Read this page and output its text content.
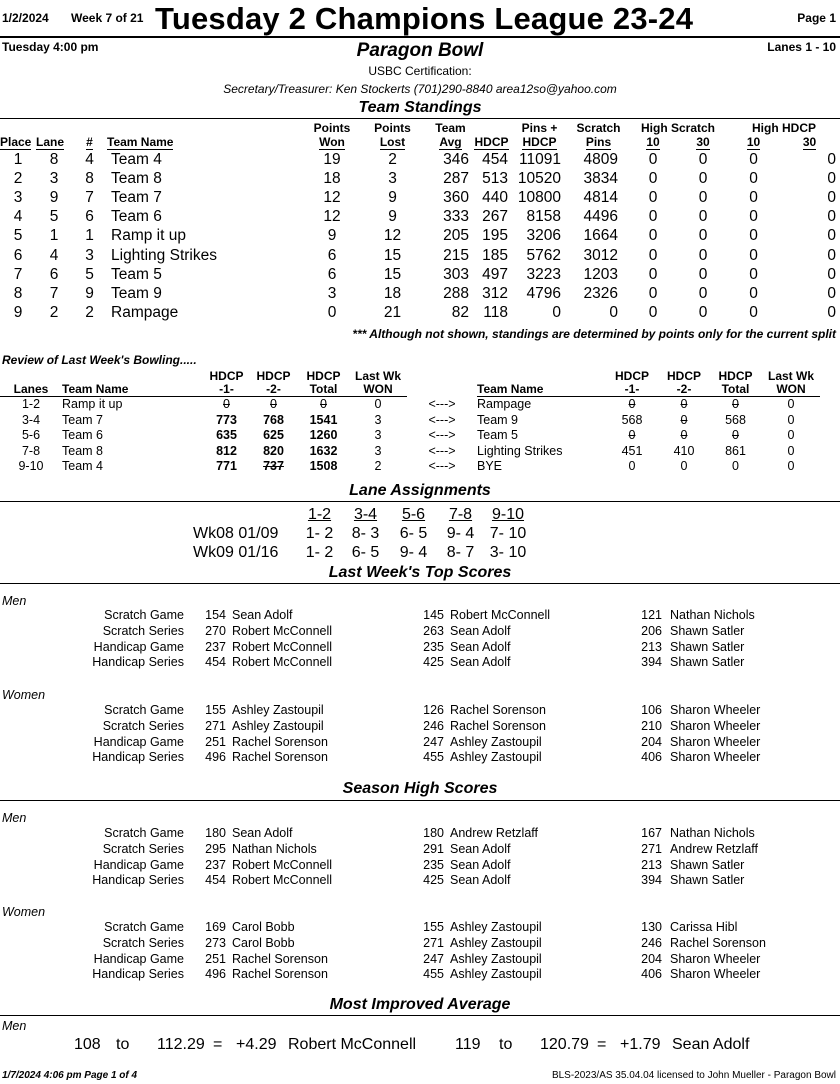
1/2/2024 Week 7 of 21 Tuesday 2 Champions League 23-24	Page 1
Tuesday 4:00 pm	Paragon Bowl	Lanes 1 - 10
USBC Certification:
Secretary/Treasurer: Ken Stockerts (701)290-8840 area12so@yahoo.com
Team Standings
				Points	Points	Team		Pins +	Scratch	High Scratch		High HDCP	
Place	Lane	#	Team Name	Won	Lost	Avg	HDCP	HDCP	Pins	10	30	10	30
1	8	4	Team 4	19	2	346	454	11091	4809	0	0	0	0
2	3	8	Team 8	18	3	287	513	10520	3834	0	0	0	0
3	9	7	Team 7	12	9	360	440	10800	4814	0	0	0	0
4	5	6	Team 6	12	9	333	267	8158	4496	0	0	0	0
5	1	1	Ramp it up	9	12	205	195	3206	1664	0	0	0	0
6	4	3	Lighting Strikes	6	15	215	185	5762	3012	0	0	0	0
7	6	5	Team 5	6	15	303	497	3223	1203	0	0	0	0
8	7	9	Team 9	3	18	288	312	4796	2326	0	0	0	0
9	2	2	Rampage	0	21	82	118	0	0	0	0	0	0
*** Although not shown, standings are determined by points only for the current split
Review of Last Week's Bowling.....
		HDCP	HDCP	HDCP	Last Wk			HDCP	HDCP	HDCP	Last Wk	
Lanes	Team Name	-1-	-2-	Total	WON		Team Name	-1-	-2-	Total	WON	
1-2	Ramp it up	0	0	0	0	<--->	Rampage	0	0	0	0	
3-4	Team 7	773	768	1541	3	<--->	Team 9	568	0	568	0	
5-6	Team 6	635	625	1260	3	<--->	Team 5	0	0	0	0	
7-8	Team 8	812	820	1632	3	<--->	Lighting Strikes	451	410	861	0	
9-10	Team 4	771	737	1508	2	<--->	BYE	0	0	0	0	
Lane Assignments
	1-2	3-4	5-6	7-8	9-10
Wk08 01/09	1- 2	8- 3	6- 5	9- 4	7- 10
Wk09 01/16	1- 2	6- 5	9- 4	8- 7	3- 10
Last Week's Top Scores
Men
Scratch Game	154	Sean Adolf	145	Robert McConnell	121	Nathan Nichols
Scratch Series	270	Robert McConnell	263	Sean Adolf	206	Shawn Satler
Handicap Game	237	Robert McConnell	235	Sean Adolf	213	Shawn Satler
Handicap Series	454	Robert McConnell	425	Sean Adolf	394	Shawn Satler
Women
Scratch Game	155	Ashley Zastoupil	126	Rachel Sorenson	106	Sharon Wheeler
Scratch Series	271	Ashley Zastoupil	246	Rachel Sorenson	210	Sharon Wheeler
Handicap Game	251	Rachel Sorenson	247	Ashley Zastoupil	204	Sharon Wheeler
Handicap Series	496	Rachel Sorenson	455	Ashley Zastoupil	406	Sharon Wheeler
Season High Scores
Men
Scratch Game	180	Sean Adolf	180	Andrew Retzlaff	167	Nathan Nichols
Scratch Series	295	Nathan Nichols	291	Sean Adolf	271	Andrew Retzlaff
Handicap Game	237	Robert McConnell	235	Sean Adolf	213	Shawn Satler
Handicap Series	454	Robert McConnell	425	Sean Adolf	394	Shawn Satler
Women
Scratch Game	169	Carol Bobb	155	Ashley Zastoupil	130	Carissa Hibl
Scratch Series	273	Carol Bobb	271	Ashley Zastoupil	246	Rachel Sorenson
Handicap Game	251	Rachel Sorenson	247	Ashley Zastoupil	204	Sharon Wheeler
Handicap Series	496	Rachel Sorenson	455	Ashley Zastoupil	406	Sharon Wheeler
Most Improved Average
Men
108 to 112.29 = +4.29 Robert McConnell 119 to 120.79 = +1.79 Sean Adolf
1/7/2024 4:06 pm Page 1 of 4	BLS-2023/AS 35.04.04 licensed to John Mueller - Paragon Bowl
